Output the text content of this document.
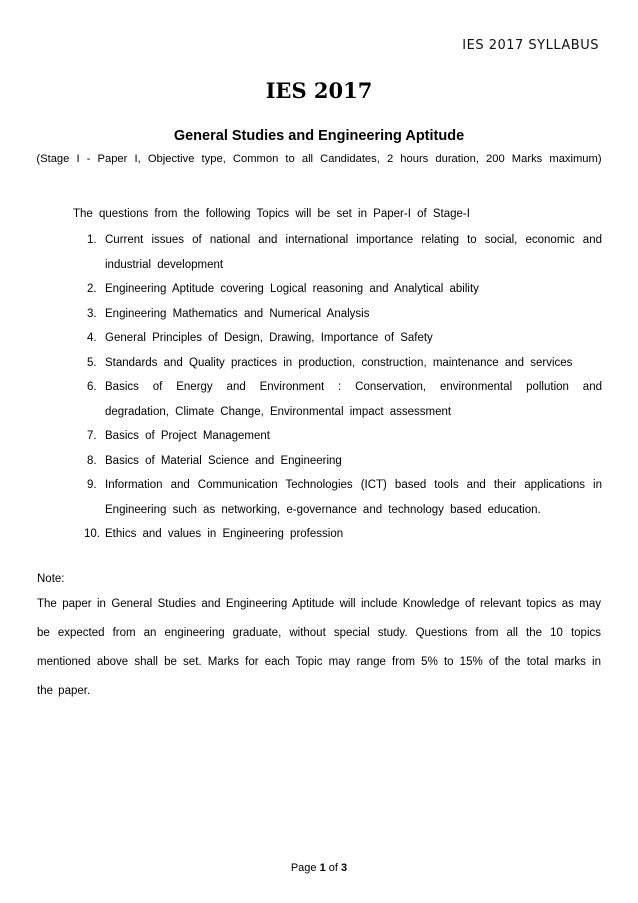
IES 2017 SYLLABUS
IES 2017
General Studies and Engineering Aptitude
(Stage I - Paper I, Objective type, Common to all Candidates, 2 hours duration, 200 Marks maximum)
The questions from the following Topics will be set in Paper-I of Stage-I
1. Current issues of national and international importance relating to social, economic and industrial development
2. Engineering Aptitude covering Logical reasoning and Analytical ability
3. Engineering Mathematics and Numerical Analysis
4. General Principles of Design, Drawing, Importance of Safety
5. Standards and Quality practices in production, construction, maintenance and services
6. Basics of Energy and Environment : Conservation, environmental pollution and degradation, Climate Change, Environmental impact assessment
7. Basics of Project Management
8. Basics of Material Science and Engineering
9. Information and Communication Technologies (ICT) based tools and their applications in Engineering such as networking, e-governance and technology based education.
10. Ethics and values in Engineering profession
Note:
The paper in General Studies and Engineering Aptitude will include Knowledge of relevant topics as may be expected from an engineering graduate, without special study. Questions from all the 10 topics mentioned above shall be set. Marks for each Topic may range from 5% to 15% of the total marks in the paper.
Page 1 of 3
